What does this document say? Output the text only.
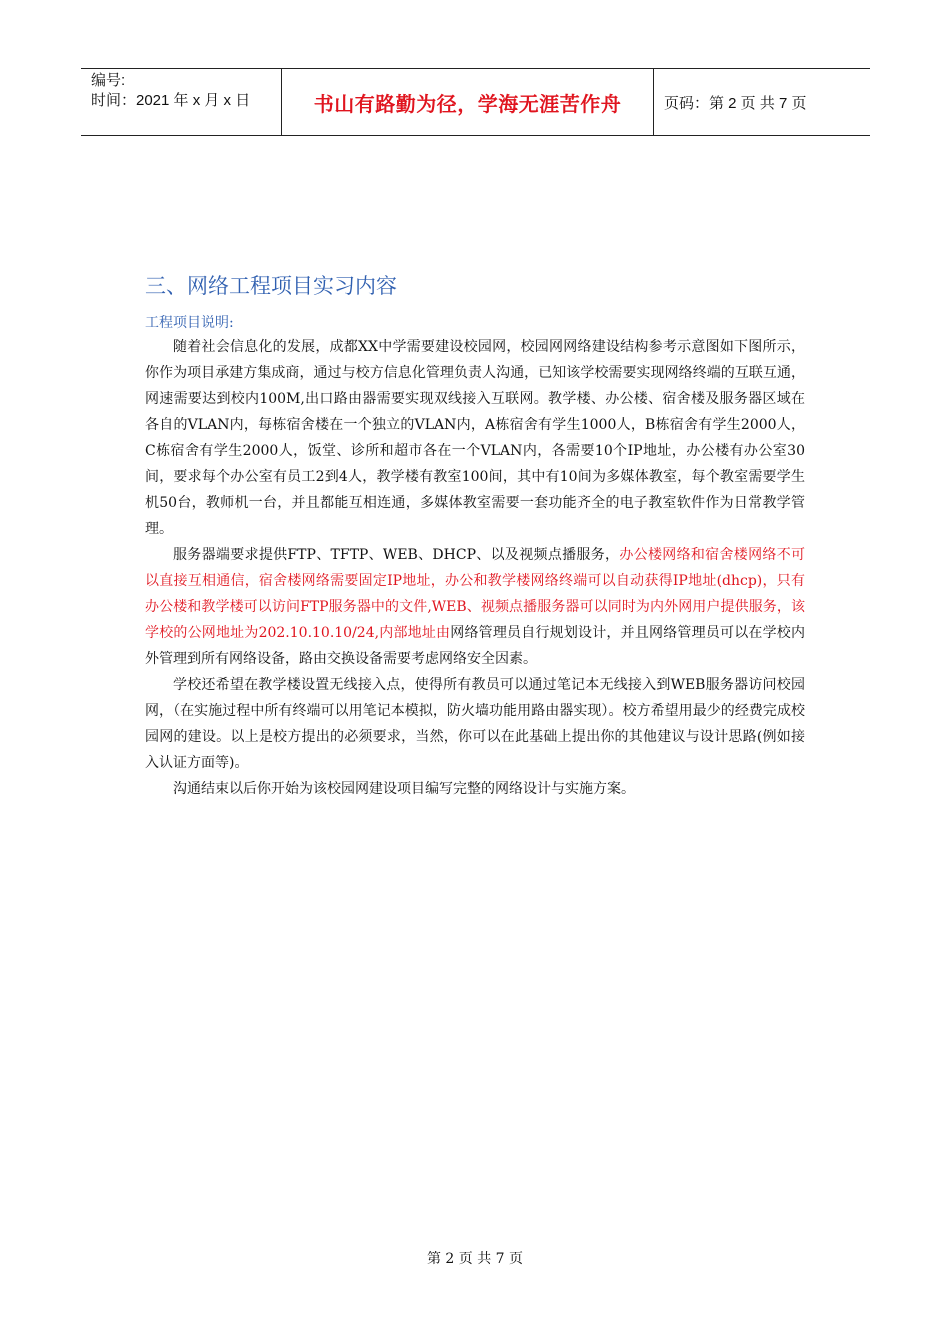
编号:
时间：2021 年 x 月 x 日	书山有路勤为径，学海无涯苦作舟	页码：第 2 页 共 7 页
三、网络工程项目实习内容
工程项目说明:

随着社会信息化的发展，成都XX中学需要建设校园网，校园网网络建设结构参考示意图如下图所示，你作为项目承建方集成商，通过与校方信息化管理负责人沟通，已知该学校需要实现网络终端的互联互通，网速需要达到校内100M,出口路由器需要实现双线接入互联网。教学楼、办公楼、宿舍楼及服务器区域在各自的VLAN内，每栋宿舍楼在一个独立的VLAN内，A栋宿舍有学生1000人，B栋宿舍有学生2000人，C栋宿舍有学生2000人，饭堂、诊所和超市各在一个VLAN内，各需要10个IP地址，办公楼有办公室30间，要求每个办公室有员工2到4人，教学楼有教室100间，其中有10间为多媒体教室，每个教室需要学生机50台，教师机一台，并且都能互相连通，多媒体教室需要一套功能齐全的电子教室软件作为日常教学管理。

服务器端要求提供FTP、TFTP、WEB、DHCP、以及视频点播服务，办公楼网络和宿舍楼网络不可以直接互相通信，宿舍楼网络需要固定IP地址，办公和教学楼网络终端可以自动获得IP地址(dhcp)，只有办公楼和教学楼可以访问FTP服务器中的文件,WEB、视频点播服务器可以同时为内外网用户提供服务，该学校的公网地址为202.10.10.10/24,内部地址由网络管理员自行规划设计，并且网络管理员可以在学校内外管理到所有网络设备，路由交换设备需要考虑网络安全因素。

学校还希望在教学楼设置无线接入点，使得所有教员可以通过笔记本无线接入到WEB服务器访问校园网，（在实施过程中所有终端可以用笔记本模拟，防火墙功能用路由器实现）。校方希望用最少的经费完成校园网的建设。以上是校方提出的必须要求，当然，你可以在此基础上提出你的其他建议与设计思路(例如接入认证方面等)。

沟通结束以后你开始为该校园网建设项目编写完整的网络设计与实施方案。

第 2 页 共 7 页
